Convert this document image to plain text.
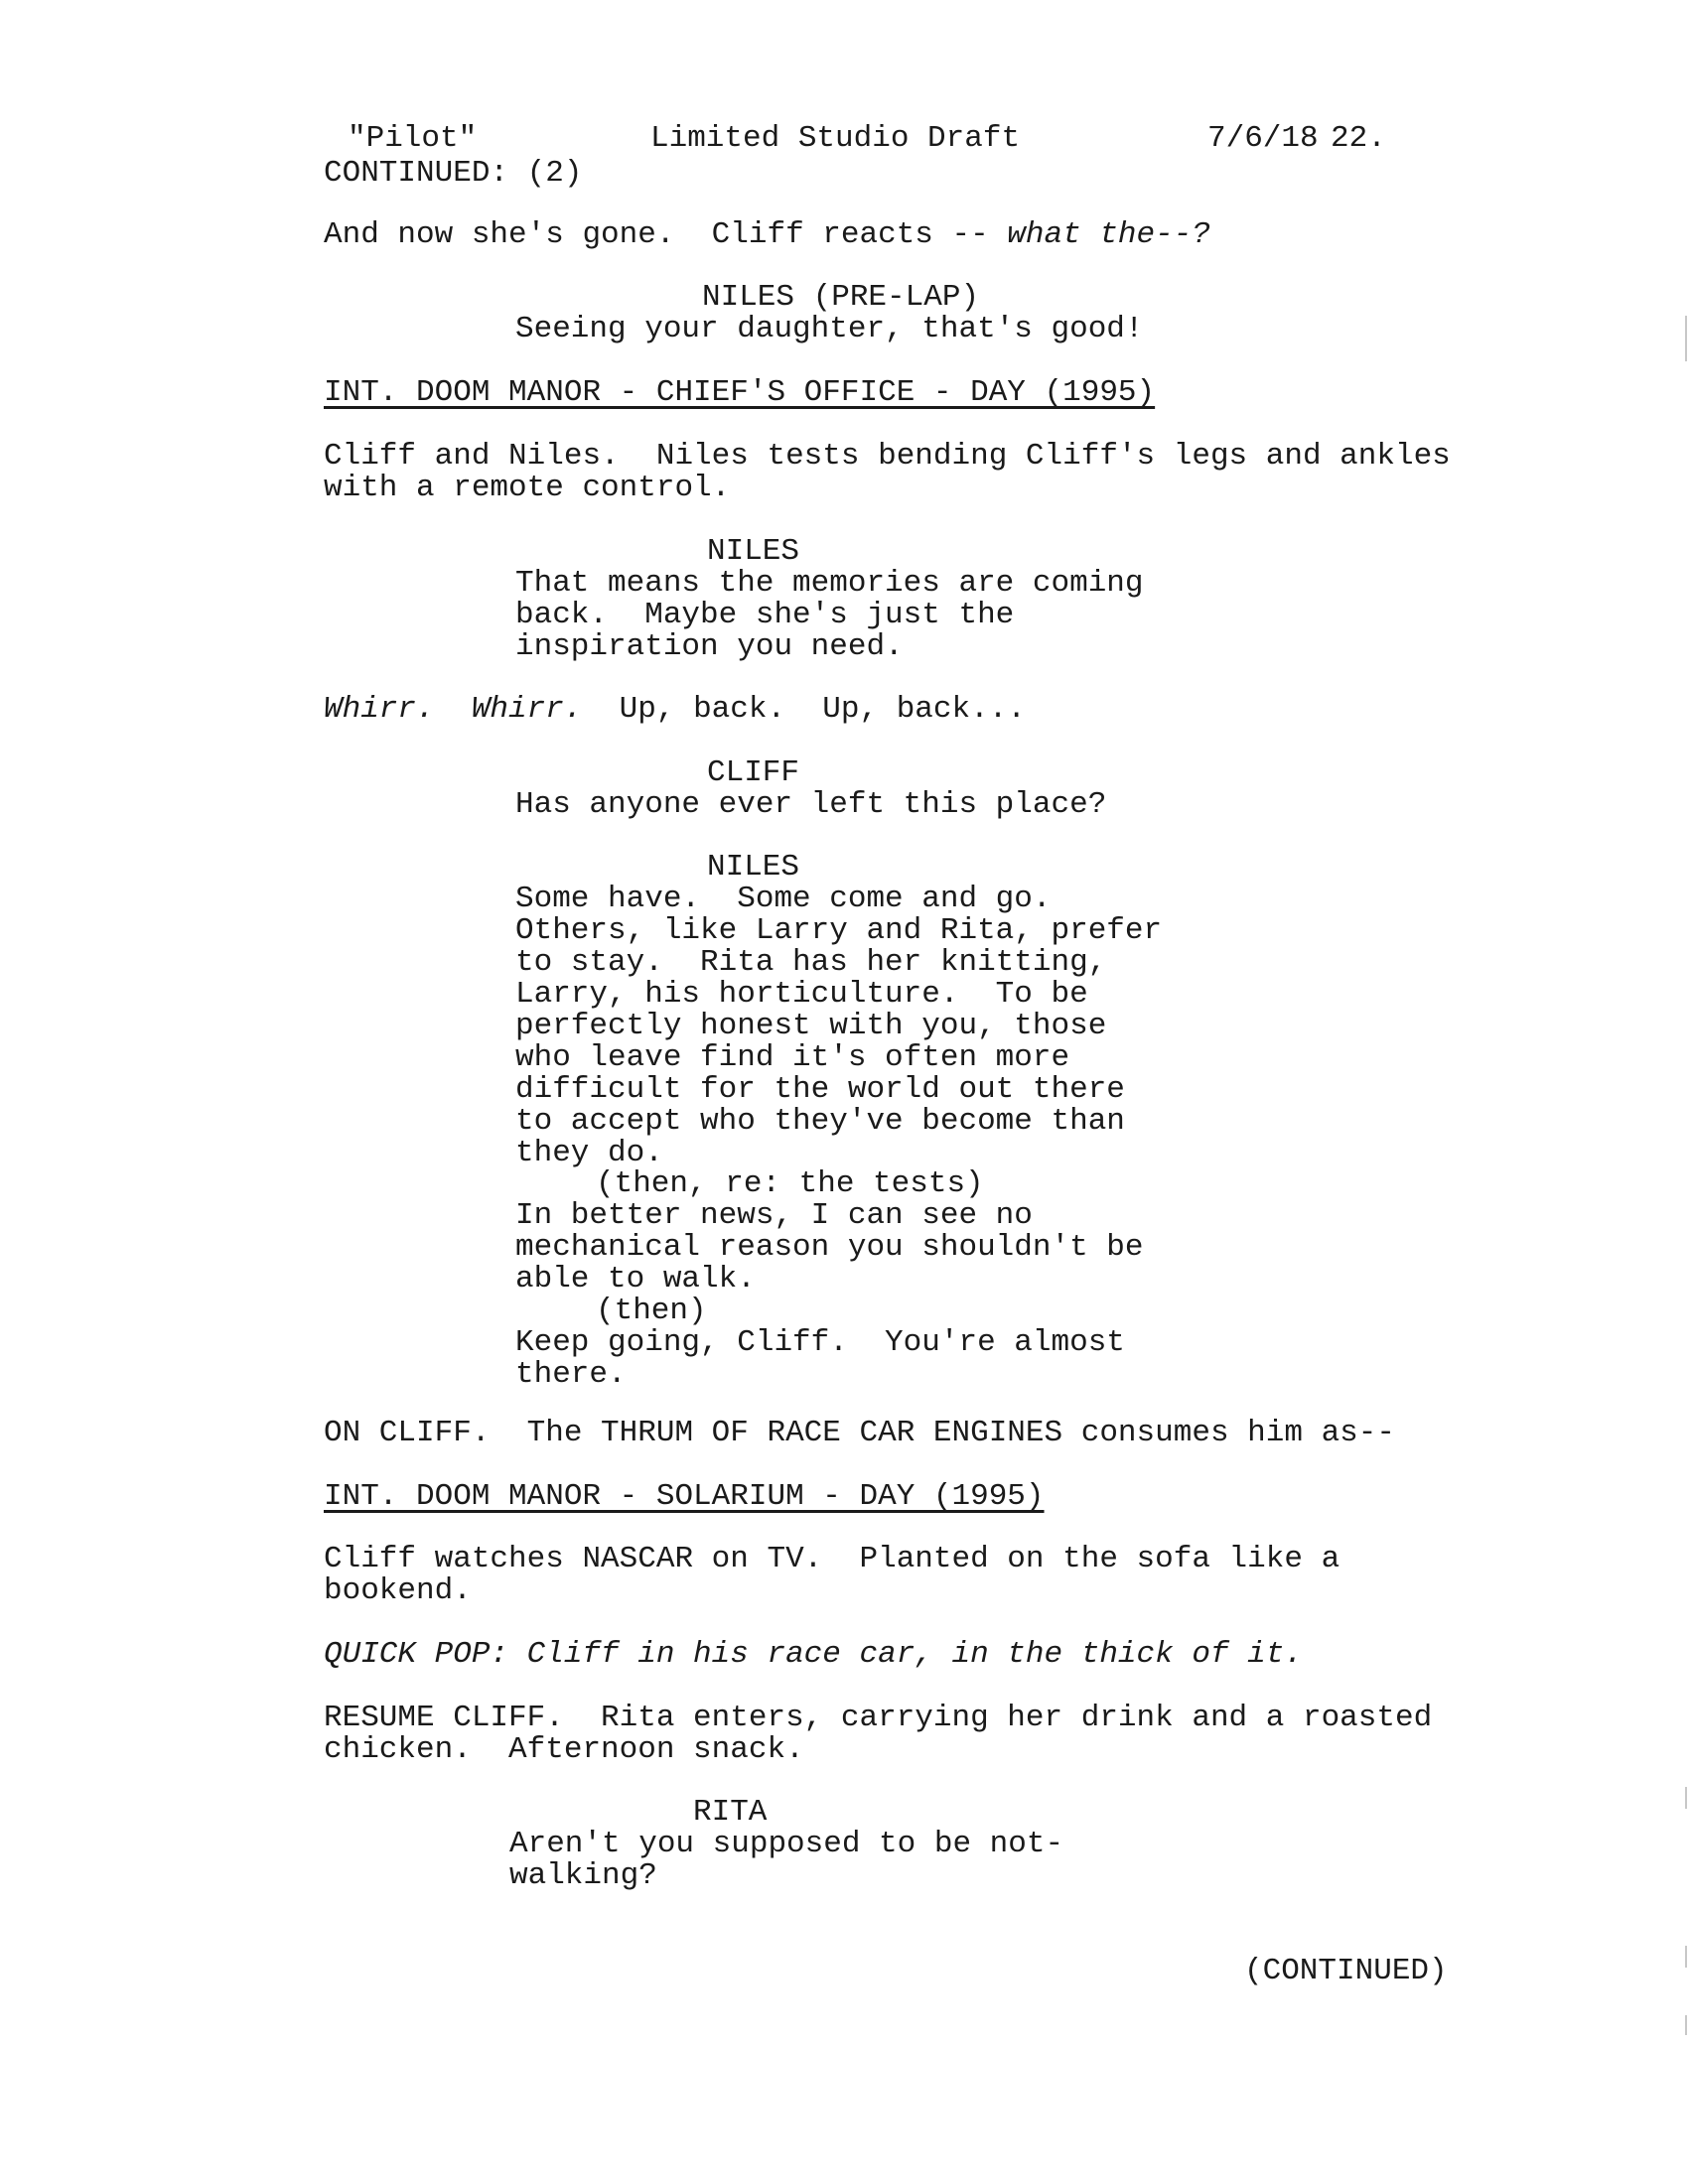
"Pilot"	Limited Studio Draft	7/6/18 22.
CONTINUED: (2)
And now she's gone.  Cliff reacts -- what the--?
NILES (PRE-LAP)
Seeing your daughter, that's good!
INT. DOOM MANOR - CHIEF'S OFFICE - DAY (1995)
Cliff and Niles.  Niles tests bending Cliff's legs and ankles
with a remote control.
NILES
That means the memories are coming
back.  Maybe she's just the
inspiration you need.
Whirr.  Whirr.  Up, back.  Up, back...
CLIFF
Has anyone ever left this place?
NILES
Some have.  Some come and go.
Others, like Larry and Rita, prefer
to stay.  Rita has her knitting,
Larry, his horticulture.  To be
perfectly honest with you, those
who leave find it's often more
difficult for the world out there
to accept who they've become than
they do.
(then, re: the tests)
In better news, I can see no
mechanical reason you shouldn't be
able to walk.
(then)
Keep going, Cliff.  You're almost
there.
ON CLIFF.  The THRUM OF RACE CAR ENGINES consumes him as--
INT. DOOM MANOR - SOLARIUM - DAY (1995)
Cliff watches NASCAR on TV.  Planted on the sofa like a
bookend.
QUICK POP: Cliff in his race car, in the thick of it.
RESUME CLIFF.  Rita enters, carrying her drink and a roasted
chicken.  Afternoon snack.
RITA
Aren't you supposed to be not-
walking?
(CONTINUED)
